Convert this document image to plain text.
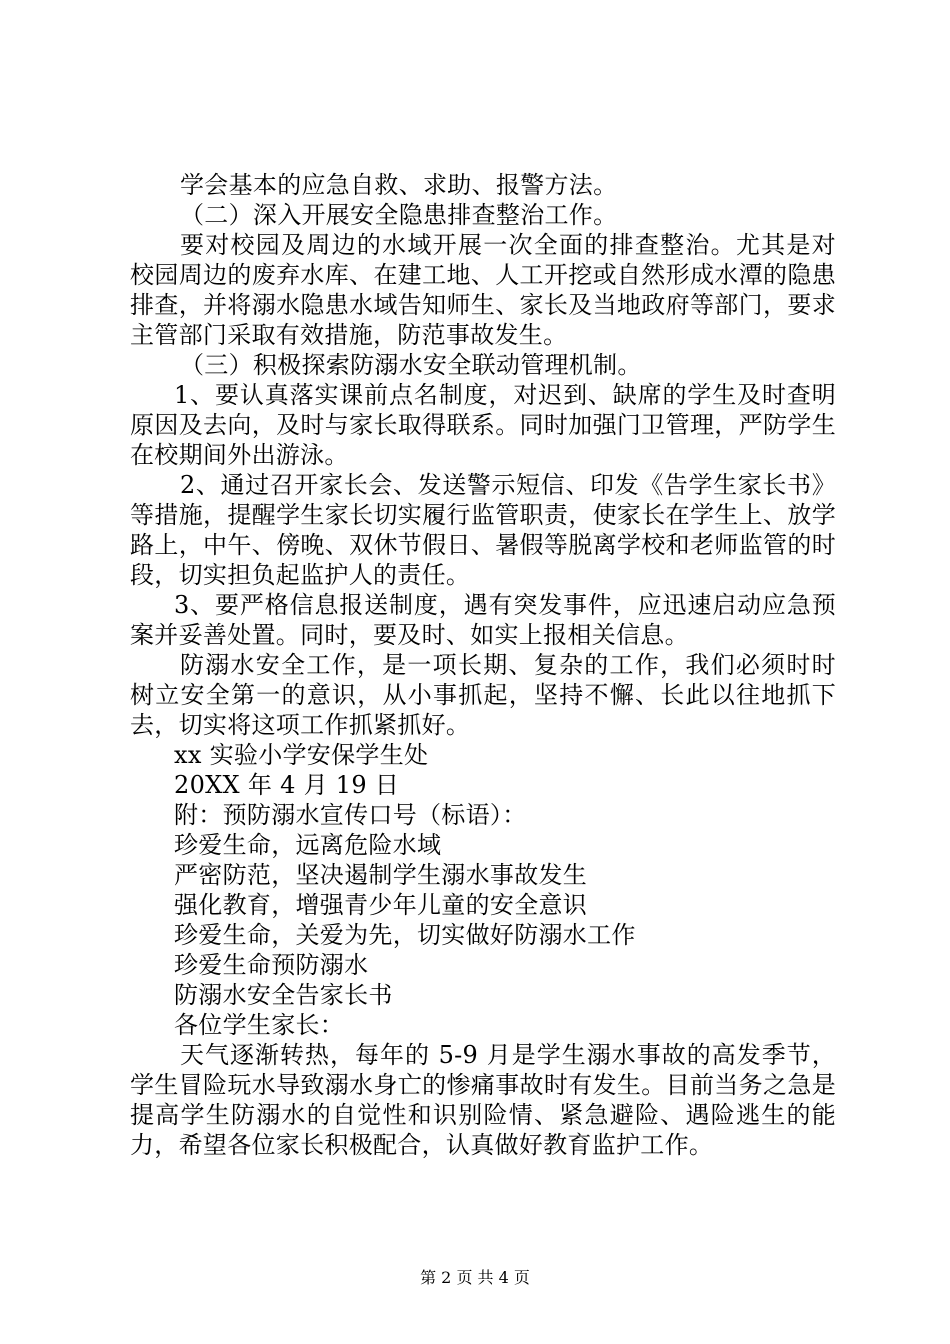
学会基本的应急自救、求助、报警方法。

（二）深入开展安全隐患排查整治工作。

要对校园及周边的水域开展一次全面的排查整治。尤其是对校园周边的废弃水库、在建工地、人工开挖或自然形成水潭的隐患排查，并将溺水隐患水域告知师生、家长及当地政府等部门，要求主管部门采取有效措施，防范事故发生。

（三）积极探索防溺水安全联动管理机制。

1、要认真落实课前点名制度，对迟到、缺席的学生及时查明原因及去向，及时与家长取得联系。同时加强门卫管理，严防学生在校期间外出游泳。

2、通过召开家长会、发送警示短信、印发《告学生家长书》等措施，提醒学生家长切实履行监管职责，使家长在学生上、放学路上，中午、傍晚、双休节假日、暑假等脱离学校和老师监管的时段，切实担负起监护人的责任。

3、要严格信息报送制度，遇有突发事件，应迅速启动应急预案并妥善处置。同时，要及时、如实上报相关信息。

防溺水安全工作，是一项长期、复杂的工作，我们必须时时树立安全第一的意识，从小事抓起，坚持不懈、长此以往地抓下去，切实将这项工作抓紧抓好。

xx 实验小学安保学生处

20XX 年 4 月 19 日

附：预防溺水宣传口号（标语）：

珍爱生命，远离危险水域

严密防范，坚决遏制学生溺水事故发生

强化教育，增强青少年儿童的安全意识

珍爱生命，关爱为先，切实做好防溺水工作

珍爱生命预防溺水

防溺水安全告家长书

各位学生家长：

天气逐渐转热，每年的 5-9 月是学生溺水事故的高发季节，学生冒险玩水导致溺水身亡的惨痛事故时有发生。目前当务之急是提高学生防溺水的自觉性和识别险情、紧急避险、遇险逃生的能力，希望各位家长积极配合，认真做好教育监护工作。

第 2 页 共 4 页
